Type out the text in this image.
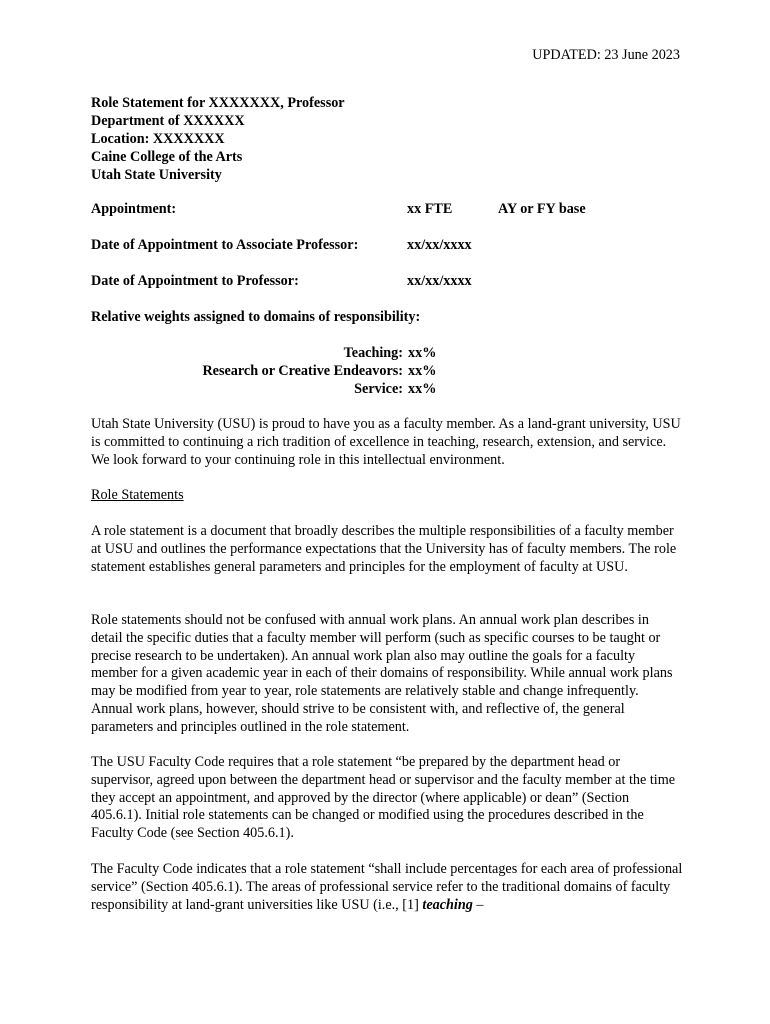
UPDATED: 23 June 2023
Role Statement for XXXXXXX, Professor
Department of XXXXXX
Location: XXXXXXX
Caine College of the Arts
Utah State University
Appointment:	xx FTE	AY or FY base
Date of Appointment to Associate Professor:	xx/xx/xxxx
Date of Appointment to Professor:	xx/xx/xxxx
Relative weights assigned to domains of responsibility:
Teaching: xx%
Research or Creative Endeavors: xx%
Service: xx%

Utah State University (USU) is proud to have you as a faculty member. As a land-grant university, USU is committed to continuing a rich tradition of excellence in teaching, research, extension, and service. We look forward to your continuing role in this intellectual environment.

Role Statements

A role statement is a document that broadly describes the multiple responsibilities of a faculty member at USU and outlines the performance expectations that the University has of faculty members. The role statement establishes general parameters and principles for the employment of faculty at USU.

Role statements should not be confused with annual work plans. An annual work plan describes in detail the specific duties that a faculty member will perform (such as specific courses to be taught or precise research to be undertaken). An annual work plan also may outline the goals for a faculty member for a given academic year in each of their domains of responsibility. While annual work plans may be modified from year to year, role statements are relatively stable and change infrequently. Annual work plans, however, should strive to be consistent with, and reflective of, the general parameters and principles outlined in the role statement.

The USU Faculty Code requires that a role statement “be prepared by the department head or supervisor, agreed upon between the department head or supervisor and the faculty member at the time they accept an appointment, and approved by the director (where applicable) or dean” (Section 405.6.1). Initial role statements can be changed or modified using the procedures described in the Faculty Code (see Section 405.6.1).

The Faculty Code indicates that a role statement “shall include percentages for each area of professional service” (Section 405.6.1). The areas of professional service refer to the traditional domains of faculty responsibility at land-grant universities like USU (i.e., [1] teaching –
